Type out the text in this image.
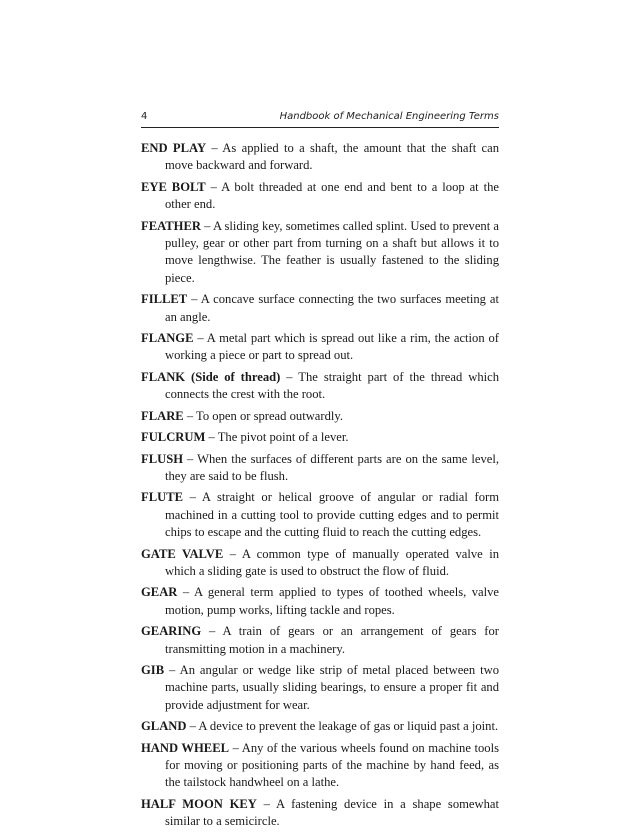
4	Handbook of Mechanical Engineering Terms

END PLAY – As applied to a shaft, the amount that the shaft can move backward and forward.

EYE BOLT – A bolt threaded at one end and bent to a loop at the other end.

FEATHER – A sliding key, sometimes called splint. Used to prevent a pulley, gear or other part from turning on a shaft but allows it to move lengthwise. The feather is usually fastened to the sliding piece.

FILLET – A concave surface connecting the two surfaces meeting at an angle.

FLANGE – A metal part which is spread out like a rim, the action of working a piece or part to spread out.

FLANK (Side of thread) – The straight part of the thread which connects the crest with the root.

FLARE – To open or spread outwardly.

FULCRUM – The pivot point of a lever.

FLUSH – When the surfaces of different parts are on the same level, they are said to be flush.

FLUTE – A straight or helical groove of angular or radial form machined in a cutting tool to provide cutting edges and to permit chips to escape and the cutting fluid to reach the cutting edges.

GATE VALVE – A common type of manually operated valve in which a sliding gate is used to obstruct the flow of fluid.

GEAR – A general term applied to types of toothed wheels, valve motion, pump works, lifting tackle and ropes.

GEARING – A train of gears or an arrangement of gears for transmitting motion in a machinery.

GIB – An angular or wedge like strip of metal placed between two machine parts, usually sliding bearings, to ensure a proper fit and provide adjustment for wear.

GLAND – A device to prevent the leakage of gas or liquid past a joint.

HAND WHEEL – Any of the various wheels found on machine tools for moving or positioning parts of the machine by hand feed, as the tailstock handwheel on a lathe.

HALF MOON KEY – A fastening device in a shape somewhat similar to a semicircle.
